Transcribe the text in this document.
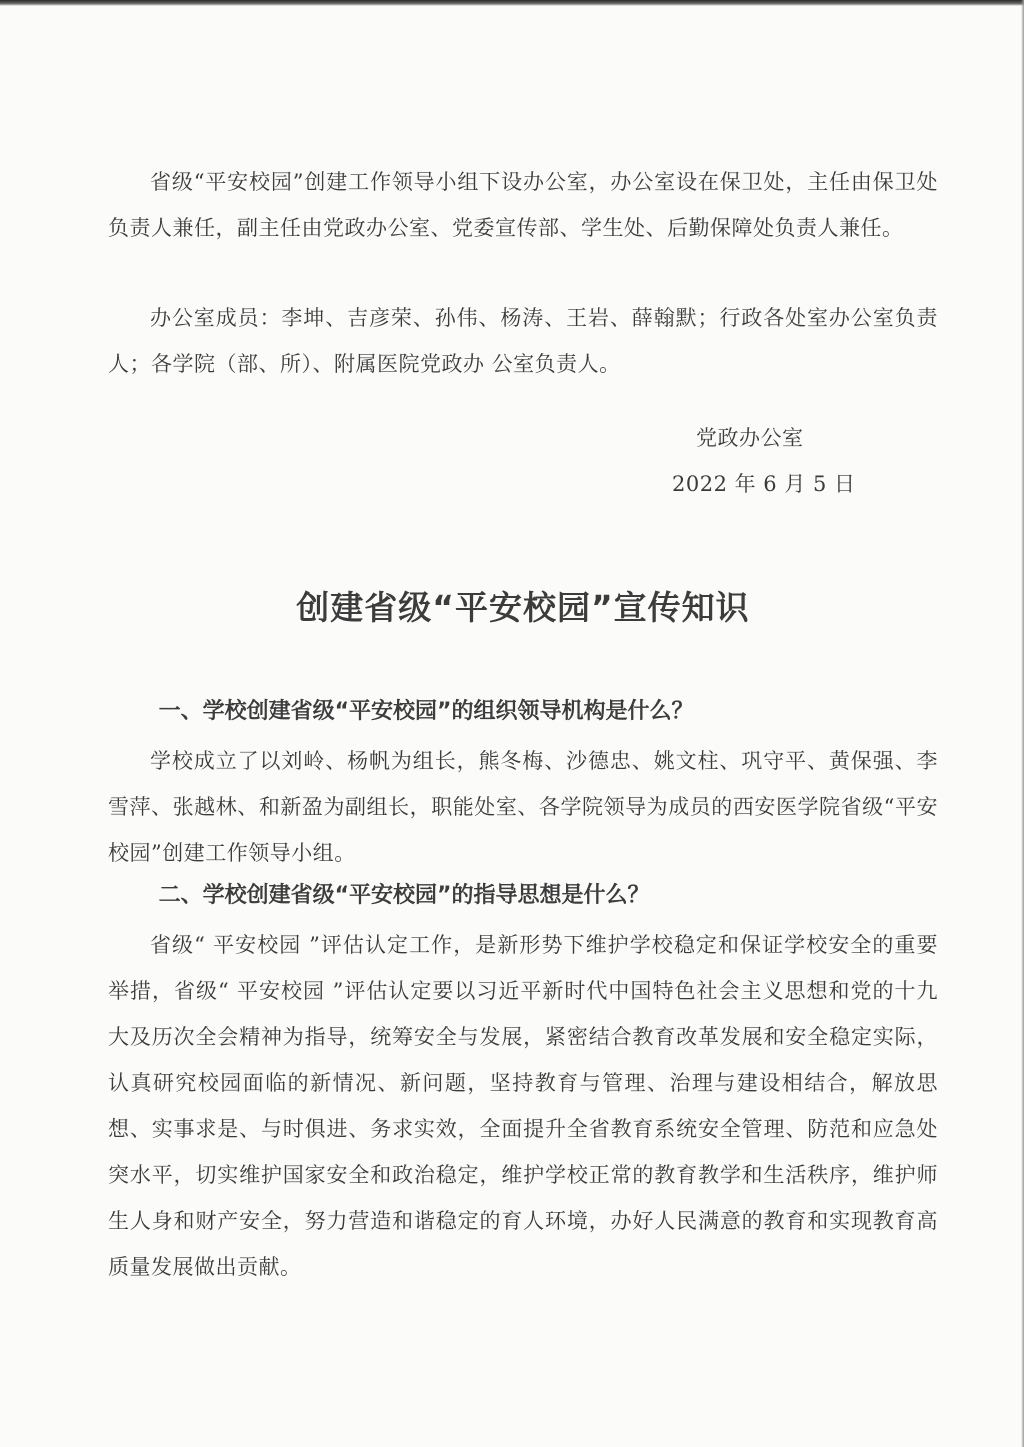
省级“平安校园”创建工作领导小组下设办公室，办公室设在保卫处，主任由保卫处负责人兼任，副主任由党政办公室、党委宣传部、学生处、后勤保障处负责人兼任。

办公室成员：李坤、吉彦荣、孙伟、杨涛、王岩、薛翰默；行政各处室办公室负责人；各学院（部、所）、附属医院党政办 公室负责人。

党政办公室
2022 年 6 月 5 日
创建省级“平安校园”宣传知识
一、学校创建省级“平安校园”的组织领导机构是什么？

学校成立了以刘岭、杨帆为组长，熊冬梅、沙德忠、姚文柱、巩守平、黄保强、李雪萍、张越林、和新盈为副组长，职能处室、各学院领导为成员的西安医学院省级“平安校园”创建工作领导小组。

二、学校创建省级“平安校园”的指导思想是什么？

省级“ 平安校园 ”评估认定工作，是新形势下维护学校稳定和保证学校安全的重要举措，省级“ 平安校园 ”评估认定要以习近平新时代中国特色社会主义思想和党的十九大及历次全会精神为指导，统筹安全与发展，紧密结合教育改革发展和安全稳定实际，认真研究校园面临的新情况、新问题，坚持教育与管理、治理与建设相结合，解放思想、实事求是、与时俱进、务求实效，全面提升全省教育系统安全管理、防范和应急处突水平，切实维护国家安全和政治稳定，维护学校正常的教育教学和生活秩序，维护师生人身和财产安全，努力营造和谐稳定的育人环境，办好人民满意的教育和实现教育高质量发展做出贡献。
